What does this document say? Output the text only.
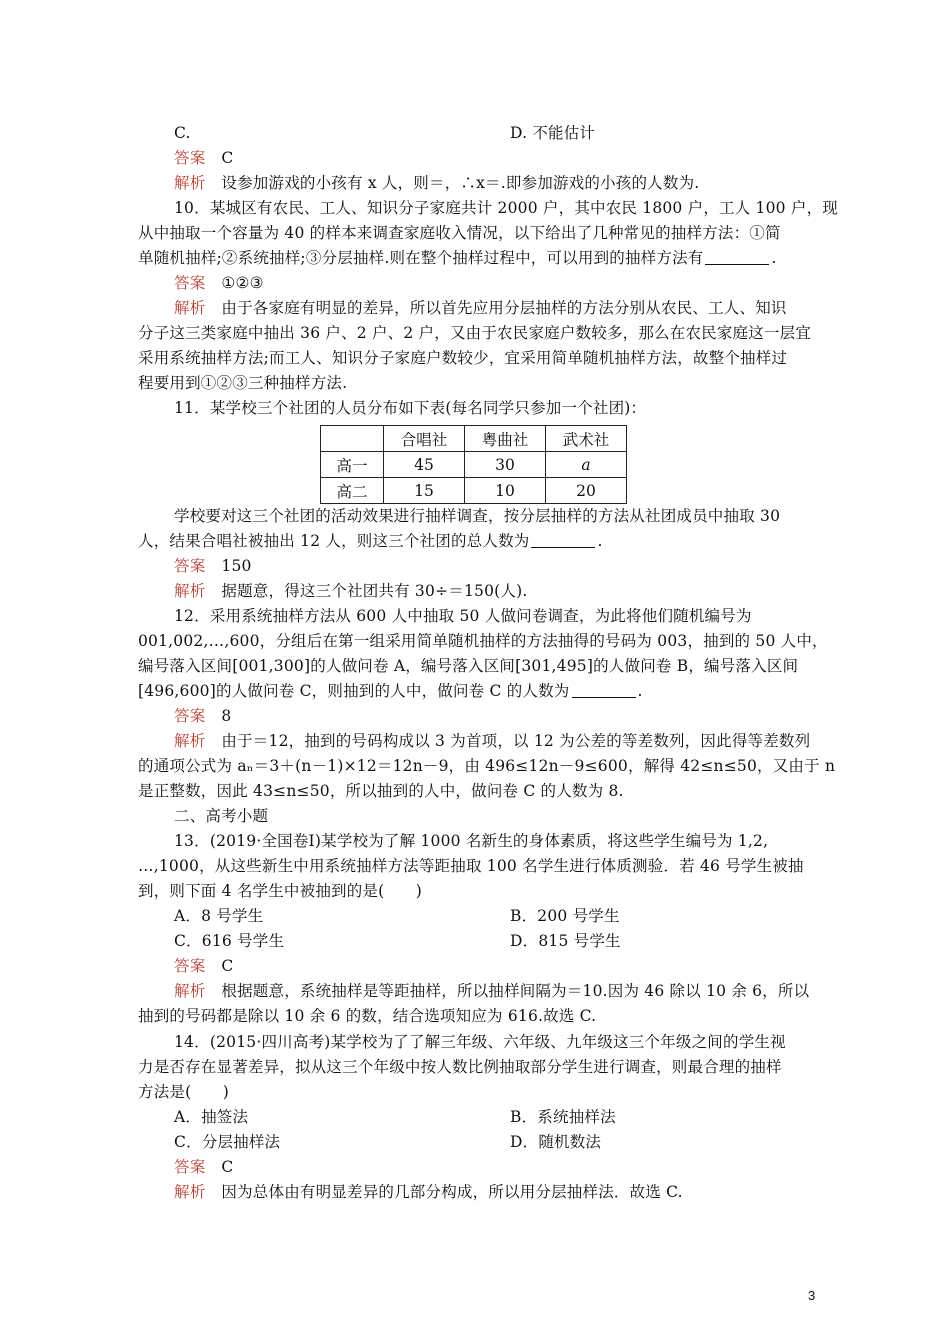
C.	D. 不能估计
答案 C
解析 设参加游戏的小孩有 x 人，则＝，∴x＝.即参加游戏的小孩的人数为.
10．某城区有农民、工人、知识分子家庭共计 2000 户，其中农民 1800 户，工人 100 户，现
从中抽取一个容量为 40 的样本来调查家庭收入情况，以下给出了几种常见的抽样方法：①简
单随机抽样;②系统抽样;③分层抽样.则在整个抽样过程中，可以用到的抽样方法有	.
答案 ①②③
解析 由于各家庭有明显的差异，所以首先应用分层抽样的方法分别从农民、工人、知识
分子这三类家庭中抽出 36 户、2 户、2 户，又由于农民家庭户数较多，那么在农民家庭这一层宜
采用系统抽样方法;而工人、知识分子家庭户数较少，宜采用简单随机抽样方法，故整个抽样过
程要用到①②③三种抽样方法.
11．某学校三个社团的人员分布如下表(每名同学只参加一个社团)：
	合唱社	粤曲社	武术社
高一	45	30	a
高二	15	10	20
学校要对这三个社团的活动效果进行抽样调查，按分层抽样的方法从社团成员中抽取 30
人，结果合唱社被抽出 12 人，则这三个社团的总人数为	.
答案 150
解析 据题意，得这三个社团共有 30÷＝150(人).
12．采用系统抽样方法从 600 人中抽取 50 人做问卷调查，为此将他们随机编号为
001,002,…,600，分组后在第一组采用简单随机抽样的方法抽得的号码为 003，抽到的 50 人中，
编号落入区间[001,300]的人做问卷 A，编号落入区间[301,495]的人做问卷 B，编号落入区间
[496,600]的人做问卷 C，则抽到的人中，做问卷 C 的人数为	.
答案 8
解析 由于＝12，抽到的号码构成以 3 为首项，以 12 为公差的等差数列，因此得等差数列
的通项公式为 aₙ＝3＋(n－1)×12＝12n－9，由 496≤12n－9≤600，解得 42≤n≤50，又由于 n
是正整数，因此 43≤n≤50，所以抽到的人中，做问卷 C 的人数为 8.
二、高考小题
13．(2019·全国卷Ⅰ)某学校为了解 1000 名新生的身体素质，将这些学生编号为 1,2,
…,1000，从这些新生中用系统抽样方法等距抽取 100 名学生进行体质测验．若 46 号学生被抽
到，则下面 4 名学生中被抽到的是(　　)
A．8 号学生	B．200 号学生
C．616 号学生	D．815 号学生
答案 C
解析 根据题意，系统抽样是等距抽样，所以抽样间隔为＝10.因为 46 除以 10 余 6，所以
抽到的号码都是除以 10 余 6 的数，结合选项知应为 616.故选 C.
14．(2015·四川高考)某学校为了了解三年级、六年级、九年级这三个年级之间的学生视
力是否存在显著差异，拟从这三个年级中按人数比例抽取部分学生进行调查，则最合理的抽样
方法是(　　)
A．抽签法	B．系统抽样法
C．分层抽样法	D．随机数法
答案 C
解析 因为总体由有明显差异的几部分构成，所以用分层抽样法．故选 C.
3
